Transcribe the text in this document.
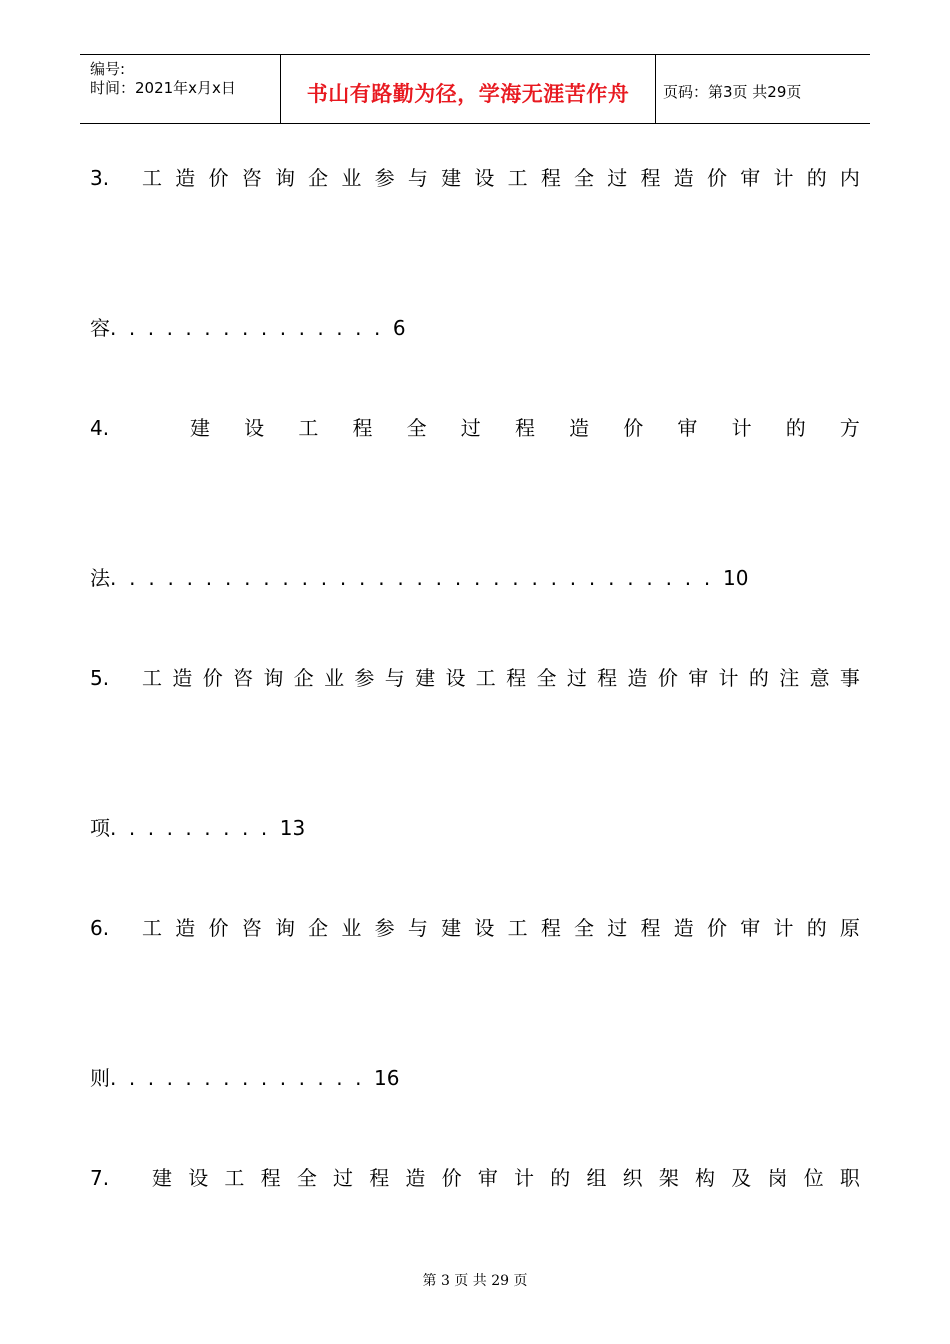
编号:
时间：2021年x月x日	书山有路勤为径，学海无涯苦作舟	页码：第3页 共29页
3.	工 造 价 咨 询 企 业 参 与 建 设 工 程 全 过 程 造 价 审 计 的 内
容...............6
4.	建 设 工 程 全 过 程 造 价 审 计 的 方
法................................10
5.	工 造 价 咨 询 企 业 参 与 建 设 工 程 全 过 程 造 价 审 计 的 注 意 事
项.........13
6.	工 造 价 咨 询 企 业 参 与 建 设 工 程 全 过 程 造 价 审 计 的 原
则..............16
7.	建 设 工 程 全 过 程 造 价 审 计 的 组 织 架 构 及 岗 位 职
第 3 页 共 29 页
